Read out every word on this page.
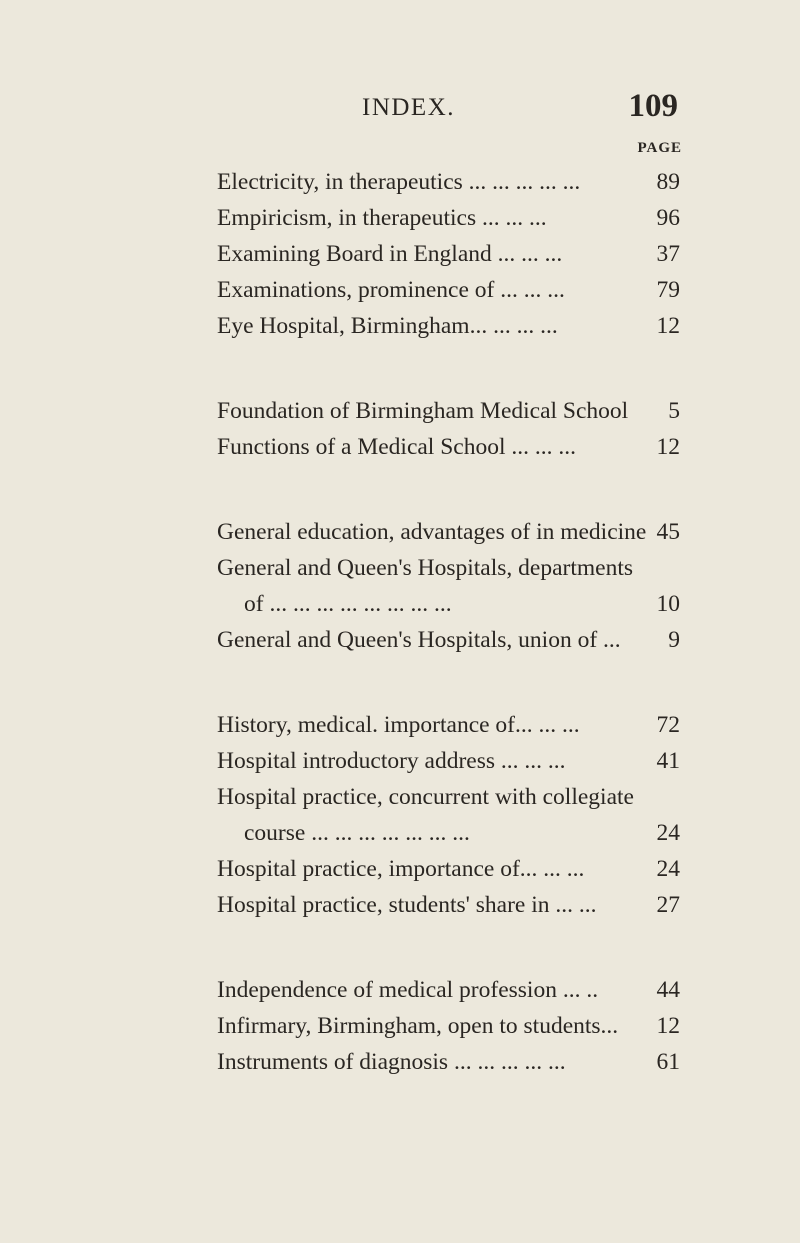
INDEX.	109
PAGE
Electricity, in therapeutics ... ... ... ... ...	89
Empiricism, in therapeutics ... ... ...	96
Examining Board in England ... ... ...	37
Examinations, prominence of ... ... ...	79
Eye Hospital, Birmingham... ... ... ...	12
Foundation of Birmingham Medical School	5
Functions of a Medical School ... ... ...	12
General education, advantages of in medicine 45
General and Queen's Hospitals, departments
of ... ... ... ... ... ... ... ...	10
General and Queen's Hospitals, union of ...	9
History, medical. importance of... ... ...	72
Hospital introductory address ... ... ...	41
Hospital practice, concurrent with collegiate
course ... ... ... ... ... ... ...	24
Hospital practice, importance of... ... ...	24
Hospital practice, students' share in ... ...	27
Independence of medical profession ... ..	44
Infirmary, Birmingham, open to students...	12
Instruments of diagnosis ... ... ... ... ...	61
